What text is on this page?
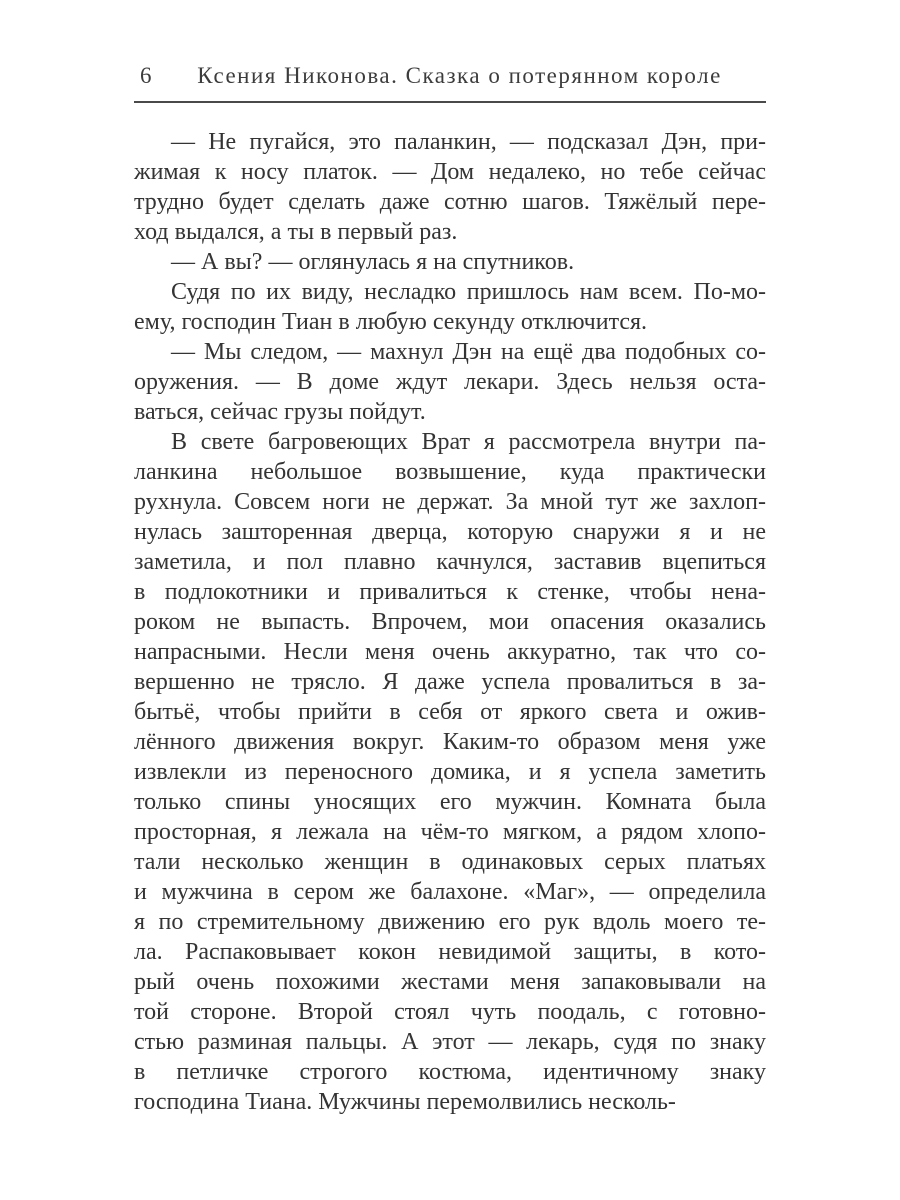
6	Ксения Никонова. Сказка о потерянном короле
— Не пугайся, это паланкин, — подсказал Дэн, при-
жимая к носу платок. — Дом недалеко, но тебе сейчас
трудно будет сделать даже сотню шагов. Тяжёлый пере-
ход выдался, а ты в первый раз.
— А вы? — оглянулась я на спутников.
Судя по их виду, несладко пришлось нам всем. По-мо-
ему, господин Тиан в любую секунду отключится.
— Мы следом, — махнул Дэн на ещё два подобных со-
оружения. — В доме ждут лекари. Здесь нельзя оста-
ваться, сейчас грузы пойдут.
В свете багровеющих Врат я рассмотрела внутри па-
ланкина небольшое возвышение, куда практически
рухнула. Совсем ноги не держат. За мной тут же захлоп-
нулась зашторенная дверца, которую снаружи я и не
заметила, и пол плавно качнулся, заставив вцепиться
в подлокотники и привалиться к стенке, чтобы нена-
роком не выпасть. Впрочем, мои опасения оказались
напрасными. Несли меня очень аккуратно, так что со-
вершенно не трясло. Я даже успела провалиться в за-
бытьё, чтобы прийти в себя от яркого света и ожив-
лённого движения вокруг. Каким-то образом меня уже
извлекли из переносного домика, и я успела заметить
только спины уносящих его мужчин. Комната была
просторная, я лежала на чём-то мягком, а рядом хлопо-
тали несколько женщин в одинаковых серых платьях
и мужчина в сером же балахоне. «Маг», — определила
я по стремительному движению его рук вдоль моего те-
ла. Распаковывает кокон невидимой защиты, в кото-
рый очень похожими жестами меня запаковывали на
той стороне. Второй стоял чуть поодаль, с готовно-
стью разминая пальцы. А этот — лекарь, судя по знаку
в петличке строгого костюма, идентичному знаку
господина Тиана. Мужчины перемолвились несколь-
